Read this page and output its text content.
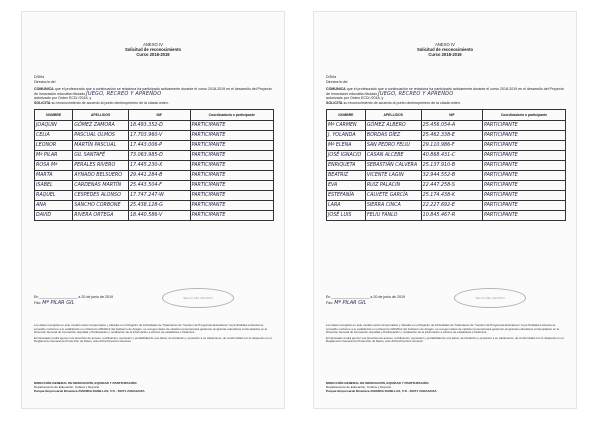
ANEXO IV
Solicitud de reconocimiento
Curso 2018-2019
D/Dña
Director/a del
COMUNICA que el profesorado que a continuación se relaciona ha participado activamente durante el curso 2018-2019 en el desarrollo del Proyecto de innovación educativo titulado JUEGO, RECREO Y APRENDO
autorizado por Orden ECD/ /2018, y
SOLICITA su reconocimiento de acuerdo al punto decimoprimero de la citada orden.
NOMBRE	APELLIDOS	NIF	Coordinador/a o participante
JOAQUIN	GÓMEZ ZAMORA	18.493.352-D	PARTICIPANTE
CELIA	PASCUAL OLMOS	17.703.960-V	PARTICIPANTE
LEONOR	MARTÍN PASCUAL	17.443.006-P	PARTICIPANTE
Mª PILAR	GIL SANTAFÉ	73.063.985-D	PARTICIPANTE
ROSA Mª	PERALES RIVERO	17.445.230-X	PARTICIPANTE
MARTA	AYNADO BELSUERO	29.441.284-B	PARTICIPANTE
ISABEL	CARDENAS MARTÍN	25.443.504-F	PARTICIPANTE
RAQUEL	CESPEDES ALONSO	17.747.247-W	PARTICIPANTE
ANA	SANCHO CORBONE	25.438.128-G	PARTICIPANTE
DAVID	RIVERA ORTEGA	18.440.586-V	PARTICIPANTE
En ___________________ a 20 de junio de 2019
Fdo: Mª PILAR GIL
SELLO DEL CENTRO

Los datos recogidos en este modelo serán incorporados y tratados en el Registro de Actividades de Tratamiento de "Gestión de Programas Educativos" cuya finalidad exclusiva se sometido conforme a lo establecido en el Decreto 220/2012 del Gobierno de Aragón, se recogen datos de carácter personal para gestionar programas educativos contemplados en la Dirección General de Innovación, Equidad y Participación y recabación de la información a efectos de estadística e históricos.

El interesado podrá ejercer sus derechos de acceso, rectificación, supresión y portabilidad de sus datos, de limitación y oposición a su tratamiento, de conformidad con lo dispuesto en el Reglamento General de Protección de Datos, ante dicha Dirección General.

DIRECCIÓN GENERAL DE INNOVACIÓN, EQUIDAD Y PARTICIPACIÓN
Departamento de Educación, Cultura y Deporte
Parque Empresarial Dinamiza AVENIDA RANILLAS, 5 D - 50071 ZARAGOZA
ANEXO IV
Solicitud de reconocimiento
Curso 2018-2019
D/Dña
Director/a del
COMUNICA que el profesorado que a continuación se relaciona ha participado activamente durante el curso 2018-2019 en el desarrollo del Proyecto de innovación educativo titulado JUEGO, RECREO Y APRENDO
autorizado por Orden ECD/ /2018, y
SOLICITA su reconocimiento de acuerdo al punto decimoprimero de la citada orden.
NOMBRE	APELLIDOS	NIF	Coordinador/a o participante
Mª CARMEN	GÓMEZ ALBERO	25.456.054-A	PARTICIPANTE
J. YOLANDA	BORDAS DÍEZ	25.462.338-E	PARTICIPANTE
Mª ELENA	SAN PEDRO FELIU	29.110.986-F	PARTICIPANTE
JOSÉ IGNACIO	CASAN ALCEBE	40.868.431-C	PARTICIPANTE
ENRIQUETA	SEBASTIÁN CALVERA	25.137.910-B	PARTICIPANTE
BEATRIZ	VICENTE LAGIN	32.944.552-B	PARTICIPANTE
EVA	RUIZ PALACIN	22.447.258-S	PARTICIPANTE
ESTEFANÍA	CALVETE GARCÍA	25.174.438-K	PARTICIPANTE
LARA	SIERRA CINCA	22.227.692-E	PARTICIPANTE
JOSÉ LUIS	FELIU FANLO	10.845.467-R	PARTICIPANTE
En ___________________ a 20 de junio de 2019
Fdo: Mª PILAR GIL
SELLO DEL CENTRO

Los datos recogidos en este modelo serán incorporados y tratados en el Registro de Actividades de Tratamiento de "Gestión de Programas Educativos" cuya finalidad exclusiva se sometido conforme a lo establecido en el Decreto 220/2012 del Gobierno de Aragón, se recogen datos de carácter personal para gestionar programas educativos contemplados en la Dirección General de Innovación, Equidad y Participación y recabación de la información a efectos de estadística e históricos.

El interesado podrá ejercer sus derechos de acceso, rectificación, supresión y portabilidad de sus datos, de limitación y oposición a su tratamiento, de conformidad con lo dispuesto en el Reglamento General de Protección de Datos, ante dicha Dirección General.

DIRECCIÓN GENERAL DE INNOVACIÓN, EQUIDAD Y PARTICIPACIÓN
Departamento de Educación, Cultura y Deporte
Parque Empresarial Dinamiza AVENIDA RANILLAS, 5 D - 50071 ZARAGOZA
